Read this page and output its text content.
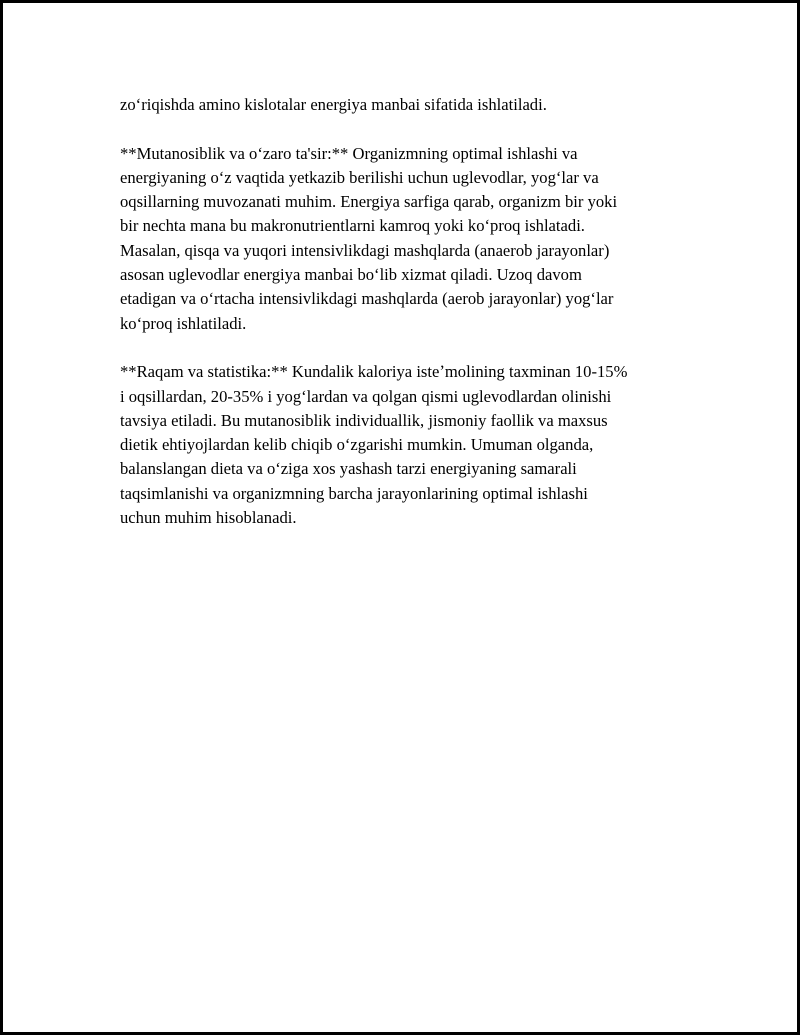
zoʻriqishda amino kislotalar energiya manbai sifatida ishlatiladi.

**Mutanosiblik va oʻzaro ta'sir:** Organizmning optimal ishlashi va
energiyaning oʻz vaqtida yetkazib berilishi uchun uglevodlar, yogʻlar va
oqsillarning muvozanati muhim. Energiya sarfiga qarab, organizm bir yoki
bir nechta mana bu makronutrientlarni kamroq yoki koʻproq ishlatadi.
Masalan, qisqa va yuqori intensivlikdagi mashqlarda (anaerob jarayonlar)
asosan uglevodlar energiya manbai boʻlib xizmat qiladi. Uzoq davom
etadigan va oʻrtacha intensivlikdagi mashqlarda (aerob jarayonlar) yogʻlar
koʻproq ishlatiladi.

**Raqam va statistika:** Kundalik kaloriya isteʼmolining taxminan 10-15%
i oqsillardan, 20-35% i yogʻlardan va qolgan qismi uglevodlardan olinishi
tavsiya etiladi. Bu mutanosiblik individuallik, jismoniy faollik va maxsus
dietik ehtiyojlardan kelib chiqib oʻzgarishi mumkin. Umuman olganda,
balanslangan dieta va oʻziga xos yashash tarzi energiyaning samarali
taqsimlanishi va organizmning barcha jarayonlarining optimal ishlashi
uchun muhim hisoblanadi.
